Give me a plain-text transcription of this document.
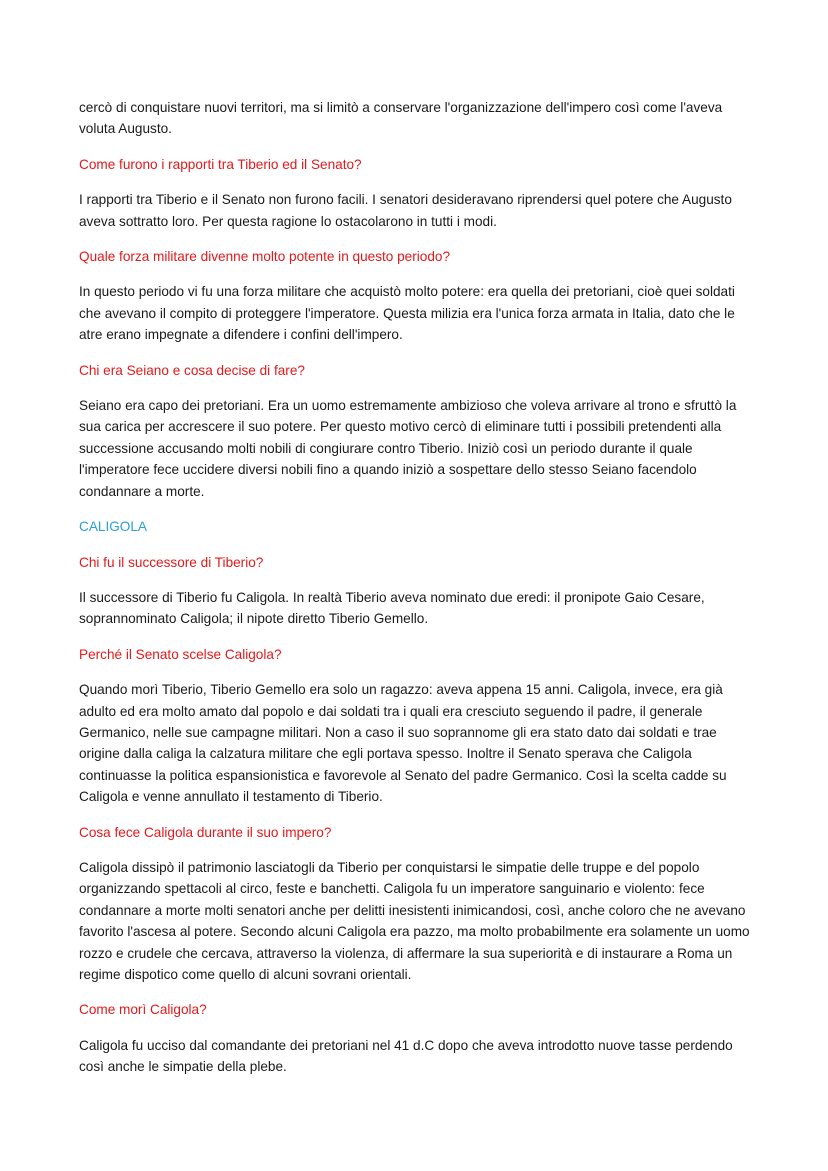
cercò di conquistare nuovi territori, ma si limitò a conservare l'organizzazione dell'impero così come l'aveva voluta Augusto.

Come furono i rapporti tra Tiberio ed il Senato?

I rapporti tra Tiberio e il Senato non furono facili. I senatori desideravano riprendersi quel potere che Augusto aveva sottratto loro. Per questa ragione lo ostacolarono in tutti i modi.

Quale forza militare divenne molto potente in questo periodo?

In questo periodo vi fu una forza militare che acquistò molto potere: era quella dei pretoriani, cioè quei soldati che avevano il compito di proteggere l'imperatore. Questa milizia era l'unica forza armata in Italia, dato che le atre erano impegnate a difendere i confini dell'impero.

Chi era Seiano e cosa decise di fare?

Seiano era capo dei pretoriani. Era un uomo estremamente ambizioso che voleva arrivare al trono e sfruttò la sua carica per accrescere il suo potere. Per questo motivo cercò di eliminare tutti i possibili pretendenti alla successione accusando molti nobili di congiurare contro Tiberio. Iniziò così un periodo durante il quale l'imperatore fece uccidere diversi nobili fino a quando iniziò a sospettare dello stesso Seiano facendolo condannare a morte.

CALIGOLA

Chi fu il successore di Tiberio?

Il successore di Tiberio fu Caligola. In realtà Tiberio aveva nominato due eredi: il pronipote Gaio Cesare, soprannominato Caligola; il nipote diretto Tiberio Gemello.

Perché il Senato scelse Caligola?

Quando morì Tiberio, Tiberio Gemello era solo un ragazzo: aveva appena 15 anni. Caligola, invece, era già adulto ed era molto amato dal popolo e dai soldati tra i quali era cresciuto seguendo il padre, il generale Germanico, nelle sue campagne militari. Non a caso il suo soprannome gli era stato dato dai soldati e trae origine dalla caliga la calzatura militare che egli portava spesso. Inoltre il Senato sperava che Caligola continuasse la politica espansionistica e favorevole al Senato del padre Germanico. Così la scelta cadde su Caligola e venne annullato il testamento di Tiberio.

Cosa fece Caligola durante il suo impero?

Caligola dissipò il patrimonio lasciatogli da Tiberio per conquistarsi le simpatie delle truppe e del popolo organizzando spettacoli al circo, feste e banchetti. Caligola fu un imperatore sanguinario e violento: fece condannare a morte molti senatori anche per delitti inesistenti inimicandosi, così, anche coloro che ne avevano favorito l'ascesa al potere. Secondo alcuni Caligola era pazzo, ma molto probabilmente era solamente un uomo rozzo e crudele che cercava, attraverso la violenza, di affermare la sua superiorità e di instaurare a Roma un regime dispotico come quello di alcuni sovrani orientali.

Come morì Caligola?

Caligola fu ucciso dal comandante dei pretoriani nel 41 d.C dopo che aveva introdotto nuove tasse perdendo così anche le simpatie della plebe.
